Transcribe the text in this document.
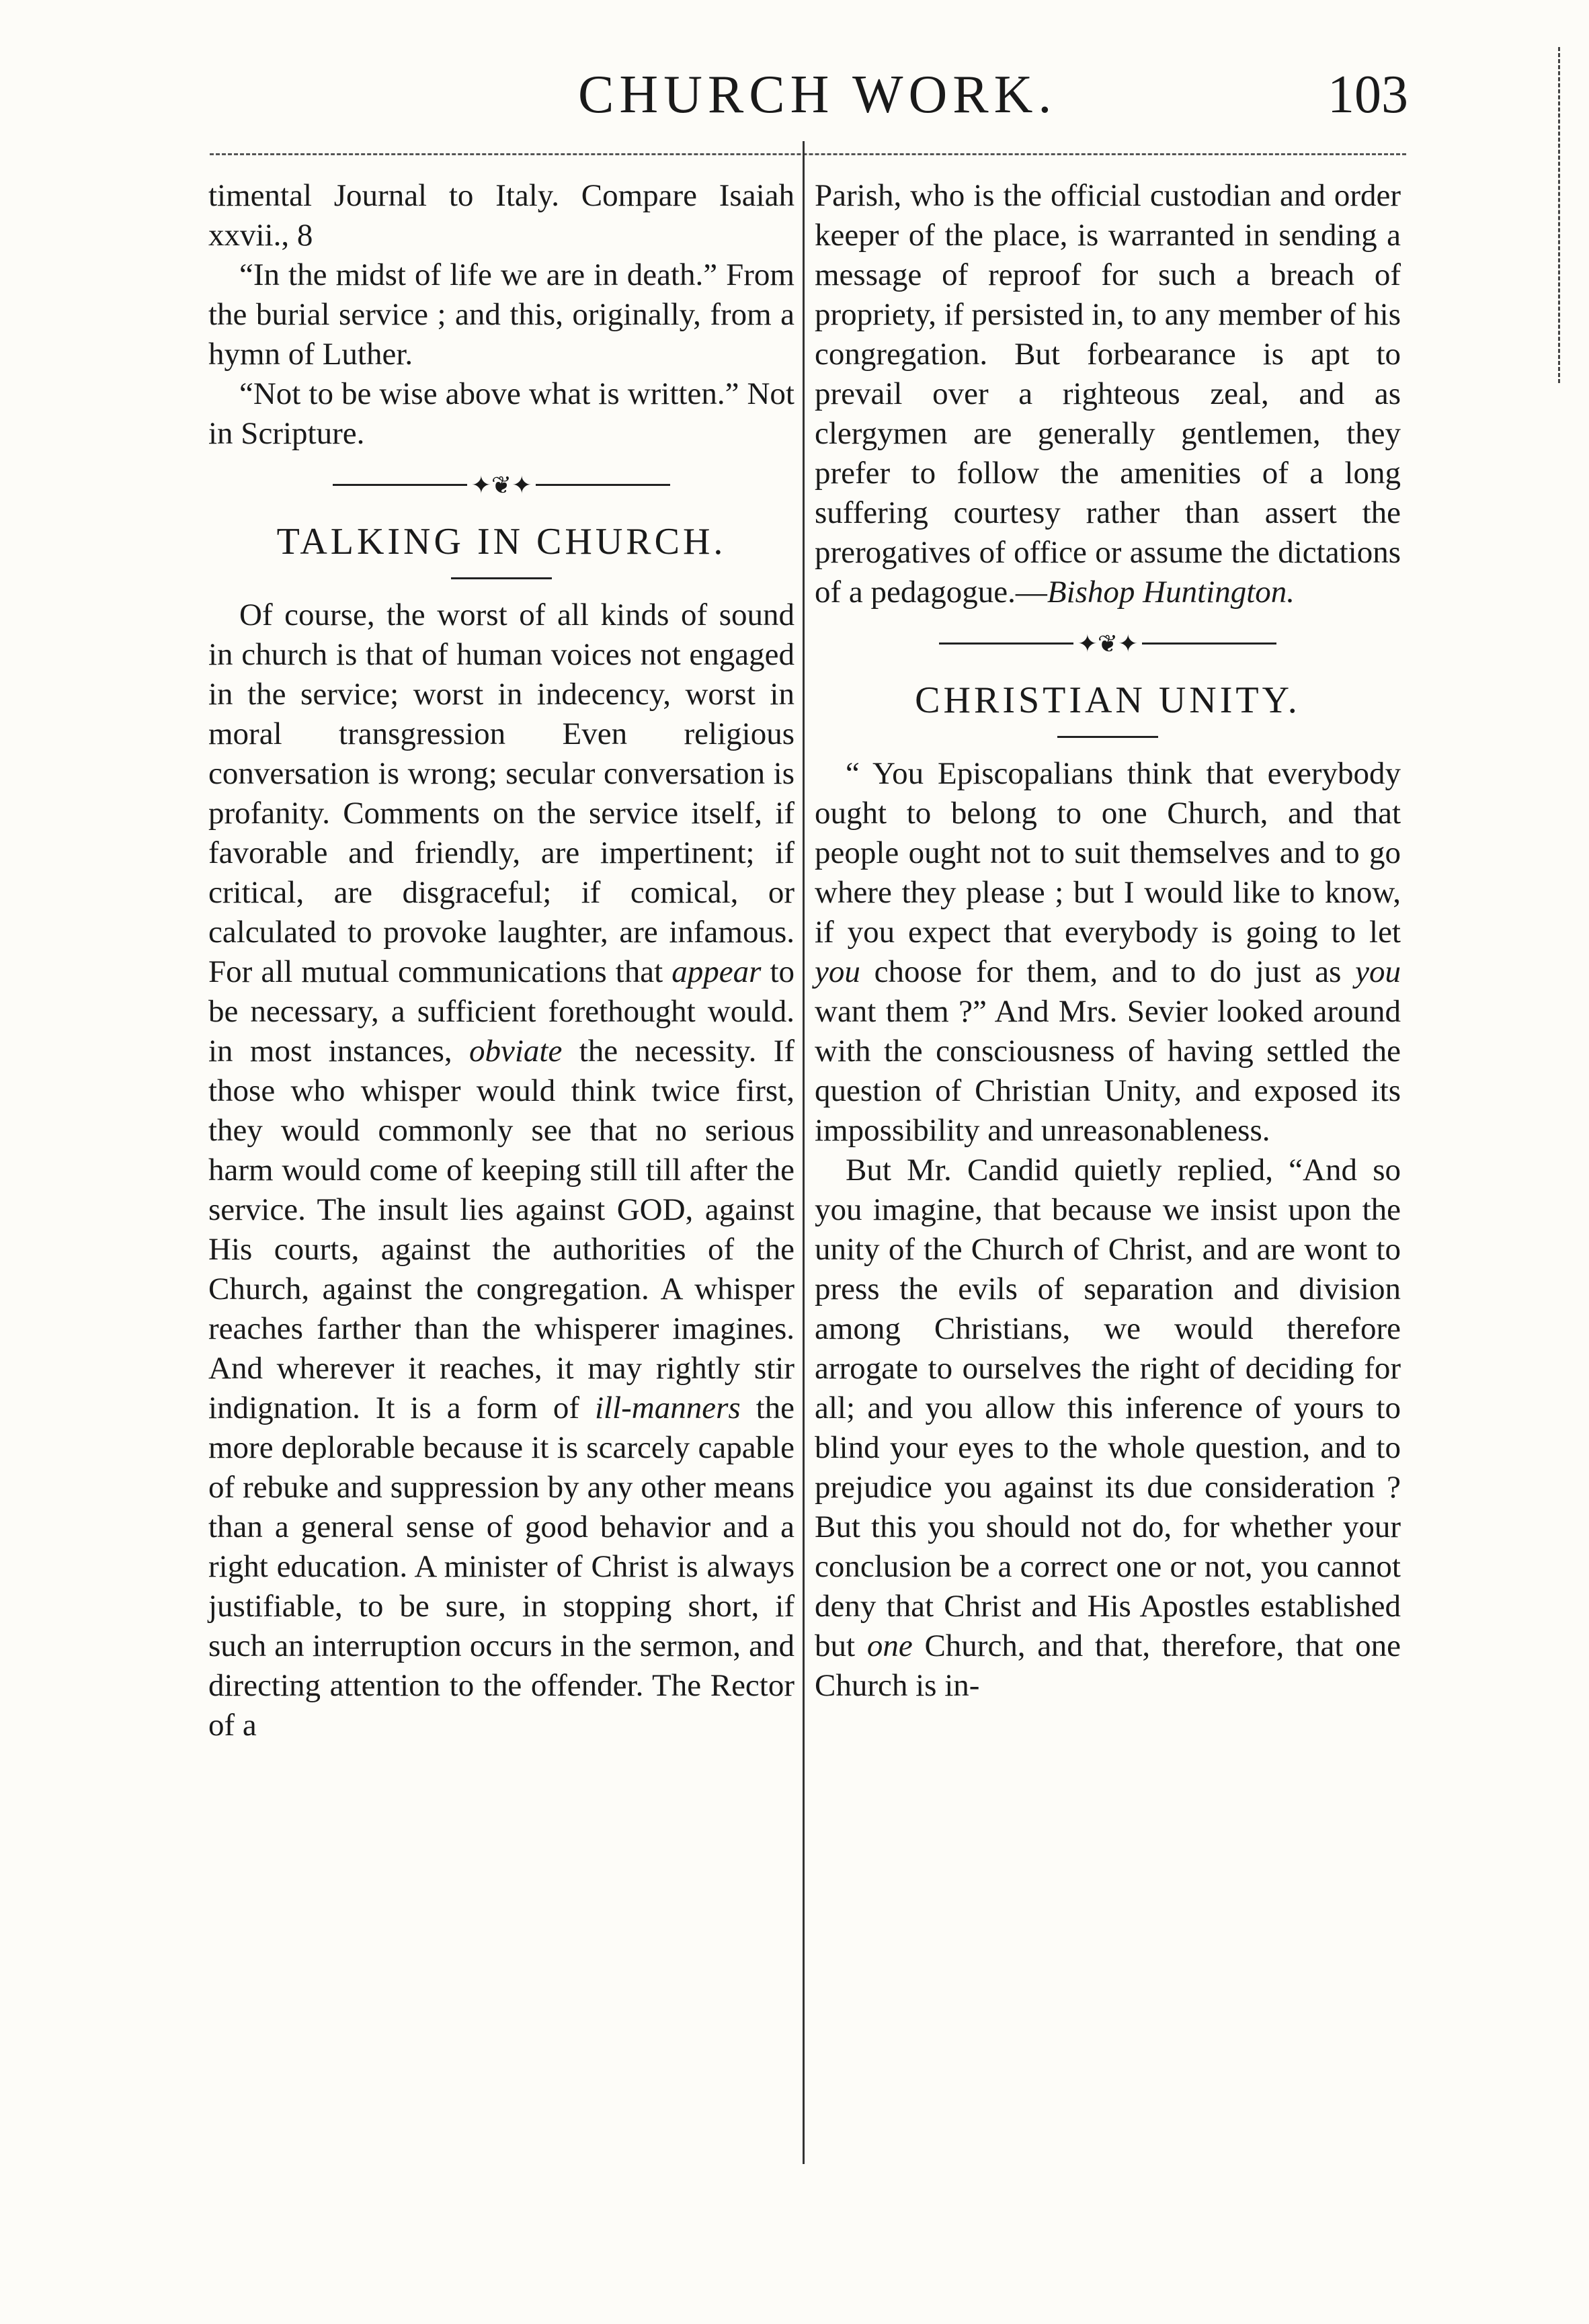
CHURCH WORK.	103

timental Journal to Italy. Compare Isaiah xxvii., 8

“In the midst of life we are in death.” From the burial service ; and this, originally, from a hymn of Luther.

“Not to be wise above what is written.” Not in Scripture.

✦❦✦
TALKING IN CHURCH.

Of course, the worst of all kinds of sound in church is that of human voices not engaged in the service; worst in indecency, worst in moral transgression Even religious conversation is wrong; secular conversation is profanity. Comments on the service itself, if favorable and friendly, are impertinent; if critical, are disgraceful; if comical, or calculated to provoke laughter, are infamous. For all mutual communications that appear to be necessary, a sufficient forethought would. in most instances, obviate the necessity. If those who whisper would think twice first, they would commonly see that no serious harm would come of keeping still till after the service. The insult lies against GOD, against His courts, against the authorities of the Church, against the congregation. A whisper reaches farther than the whisperer imagines. And wherever it reaches, it may rightly stir indignation. It is a form of ill-manners the more deplorable because it is scarcely capable of rebuke and suppression by any other means than a general sense of good behavior and a right education. A minister of Christ is always justifiable, to be sure, in stopping short, if such an interruption occurs in the sermon, and directing attention to the offender. The Rector of a

Parish, who is the official custodian and order keeper of the place, is warranted in sending a message of reproof for such a breach of propriety, if persisted in, to any member of his congregation. But forbearance is apt to prevail over a righteous zeal, and as clergymen are generally gentlemen, they prefer to follow the amenities of a long suffering courtesy rather than assert the prerogatives of office or assume the dictations of a pedagogue.—Bishop Huntington.

✦❦✦
CHRISTIAN UNITY.

“ You Episcopalians think that everybody ought to belong to one Church, and that people ought not to suit themselves and to go where they please ; but I would like to know, if you expect that everybody is going to let you choose for them, and to do just as you want them ?” And Mrs. Sevier looked around with the consciousness of having settled the question of Christian Unity, and exposed its impossibility and unreasonableness.

But Mr. Candid quietly replied, “And so you imagine, that because we insist upon the unity of the Church of Christ, and are wont to press the evils of separation and division among Christians, we would therefore arrogate to ourselves the right of deciding for all; and you allow this inference of yours to blind your eyes to the whole question, and to prejudice you against its due consideration ? But this you should not do, for whether your conclusion be a correct one or not, you cannot deny that Christ and His Apostles established but one Church, and that, therefore, that one Church is in-
